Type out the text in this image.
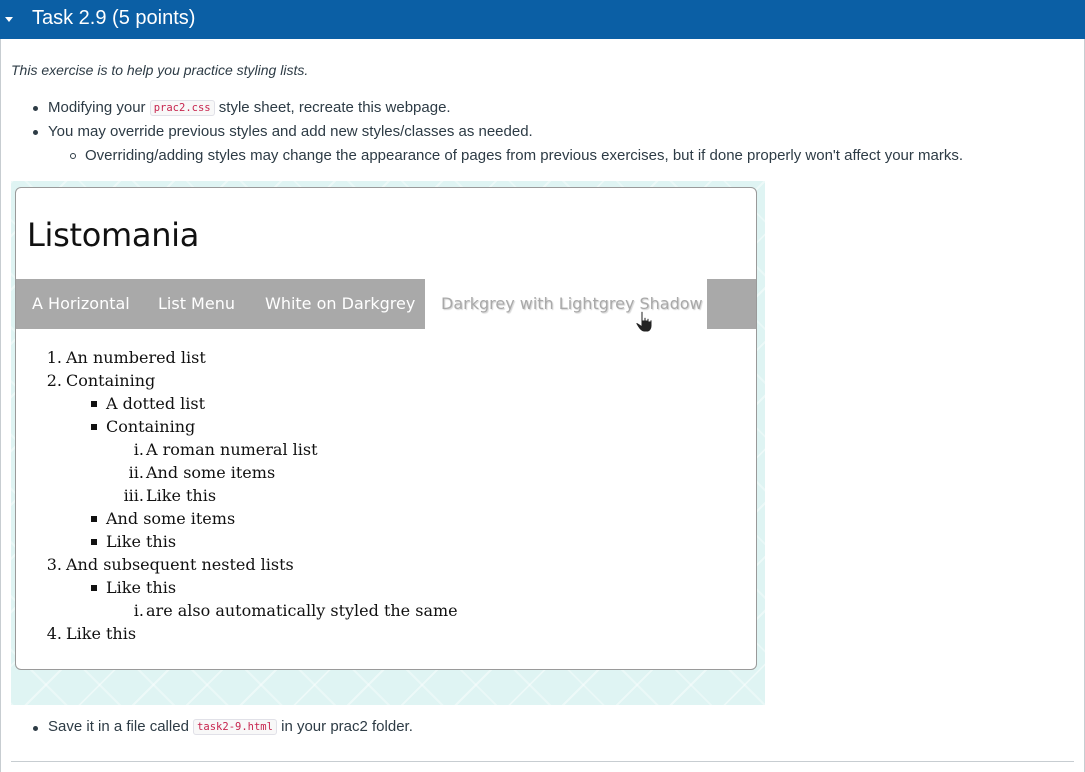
Task 2.9 (5 points)
This exercise is to help you practice styling lists.
Modifying your prac2.css style sheet, recreate this webpage.
You may override previous styles and add new styles/classes as needed.
Overriding/adding styles may change the appearance of pages from previous exercises, but if done properly won't affect your marks.
Listomania
A Horizontal	List Menu	White on Darkgrey	Darkgrey with Lightgrey Shadow
1. An numbered list
2. Containing
A dotted list
Containing
i. A roman numeral list
ii. And some items
iii. Like this
And some items
Like this
3. And subsequent nested lists
Like this
i. are also automatically styled the same
4. Like this
Save it in a file called task2-9.html in your prac2 folder.
